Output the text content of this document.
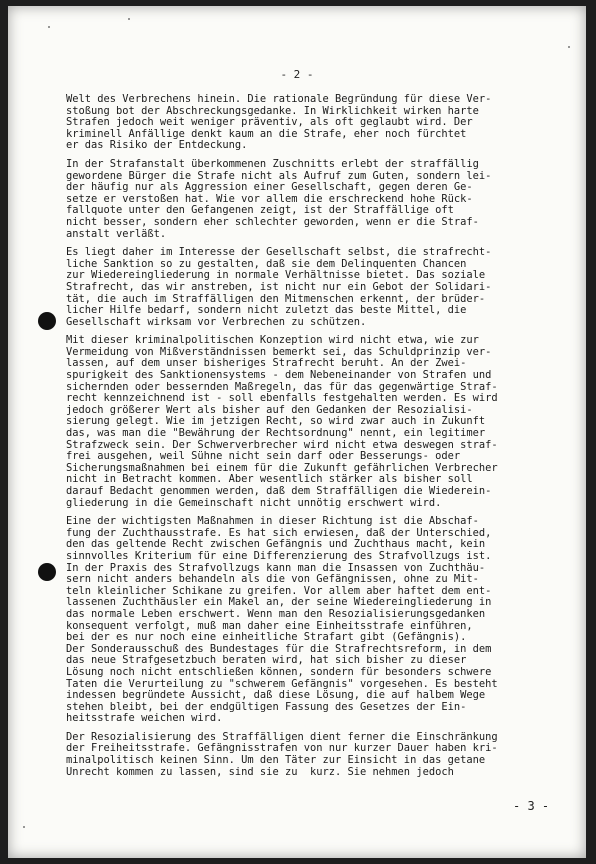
- 2 -
Welt des Verbrechens hinein. Die rationale Begründung für diese Ver-
stoßung bot der Abschreckungsgedanke. In Wirklichkeit wirken harte
Strafen jedoch weit weniger präventiv, als oft geglaubt wird. Der
kriminell Anfällige denkt kaum an die Strafe, eher noch fürchtet
er das Risiko der Entdeckung.
In der Strafanstalt überkommenen Zuschnitts erlebt der straffällig
gewordene Bürger die Strafe nicht als Aufruf zum Guten, sondern lei-
der häufig nur als Aggression einer Gesellschaft, gegen deren Ge-
setze er verstoßen hat. Wie vor allem die erschreckend hohe Rück-
fallquote unter den Gefangenen zeigt, ist der Straffällige oft
nicht besser, sondern eher schlechter geworden, wenn er die Straf-
anstalt verläßt.
Es liegt daher im Interesse der Gesellschaft selbst, die strafrecht-
liche Sanktion so zu gestalten, daß sie dem Delinquenten Chancen
zur Wiedereingliederung in normale Verhältnisse bietet. Das soziale
Strafrecht, das wir anstreben, ist nicht nur ein Gebot der Solidari-
tät, die auch im Straffälligen den Mitmenschen erkennt, der brüder-
licher Hilfe bedarf, sondern nicht zuletzt das beste Mittel, die
Gesellschaft wirksam vor Verbrechen zu schützen.
Mit dieser kriminalpolitischen Konzeption wird nicht etwa, wie zur
Vermeidung von Mißverständnissen bemerkt sei, das Schuldprinzip ver-
lassen, auf dem unser bisheriges Strafrecht beruht. An der Zwei-
spurigkeit des Sanktionensystems - dem Nebeneinander von Strafen und
sichernden oder bessernden Maßregeln, das für das gegenwärtige Straf-
recht kennzeichnend ist - soll ebenfalls festgehalten werden. Es wird
jedoch größerer Wert als bisher auf den Gedanken der Resozialisi-
sierung gelegt. Wie im jetzigen Recht, so wird zwar auch in Zukunft
das, was man die "Bewährung der Rechtsordnung" nennt, ein legitimer
Strafzweck sein. Der Schwerverbrecher wird nicht etwa deswegen straf-
frei ausgehen, weil Sühne nicht sein darf oder Besserungs- oder
Sicherungsmaßnahmen bei einem für die Zukunft gefährlichen Verbrecher
nicht in Betracht kommen. Aber wesentlich stärker als bisher soll
darauf Bedacht genommen werden, daß dem Straffälligen die Wiederein-
gliederung in die Gemeinschaft nicht unnötig erschwert wird.
Eine der wichtigsten Maßnahmen in dieser Richtung ist die Abschaf-
fung der Zuchthausstrafe. Es hat sich erwiesen, daß der Unterschied,
den das geltende Recht zwischen Gefängnis und Zuchthaus macht, kein
sinnvolles Kriterium für eine Differenzierung des Strafvollzugs ist.
In der Praxis des Strafvollzugs kann man die Insassen von Zuchthäu-
sern nicht anders behandeln als die von Gefängnissen, ohne zu Mit-
teln kleinlicher Schikane zu greifen. Vor allem aber haftet dem ent-
lassenen Zuchthäusler ein Makel an, der seine Wiedereingliederung in
das normale Leben erschwert. Wenn man den Resozialisierungsgedanken
konsequent verfolgt, muß man daher eine Einheitsstrafe einführen,
bei der es nur noch eine einheitliche Strafart gibt (Gefängnis).
Der Sonderausschuß des Bundestages für die Strafrechtsreform, in dem
das neue Strafgesetzbuch beraten wird, hat sich bisher zu dieser
Lösung noch nicht entschließen können, sondern für besonders schwere
Taten die Verurteilung zu "schwerem Gefängnis" vorgesehen. Es besteht
indessen begründete Aussicht, daß diese Lösung, die auf halbem Wege
stehen bleibt, bei der endgültigen Fassung des Gesetzes der Ein-
heitsstrafe weichen wird.
Der Resozialisierung des Straffälligen dient ferner die Einschränkung
der Freiheitsstrafe. Gefängnisstrafen von nur kurzer Dauer haben kri-
minalpolitisch keinen Sinn. Um den Täter zur Einsicht in das getane
Unrecht kommen zu lassen, sind sie zu  kurz. Sie nehmen jedoch
- 3 -
